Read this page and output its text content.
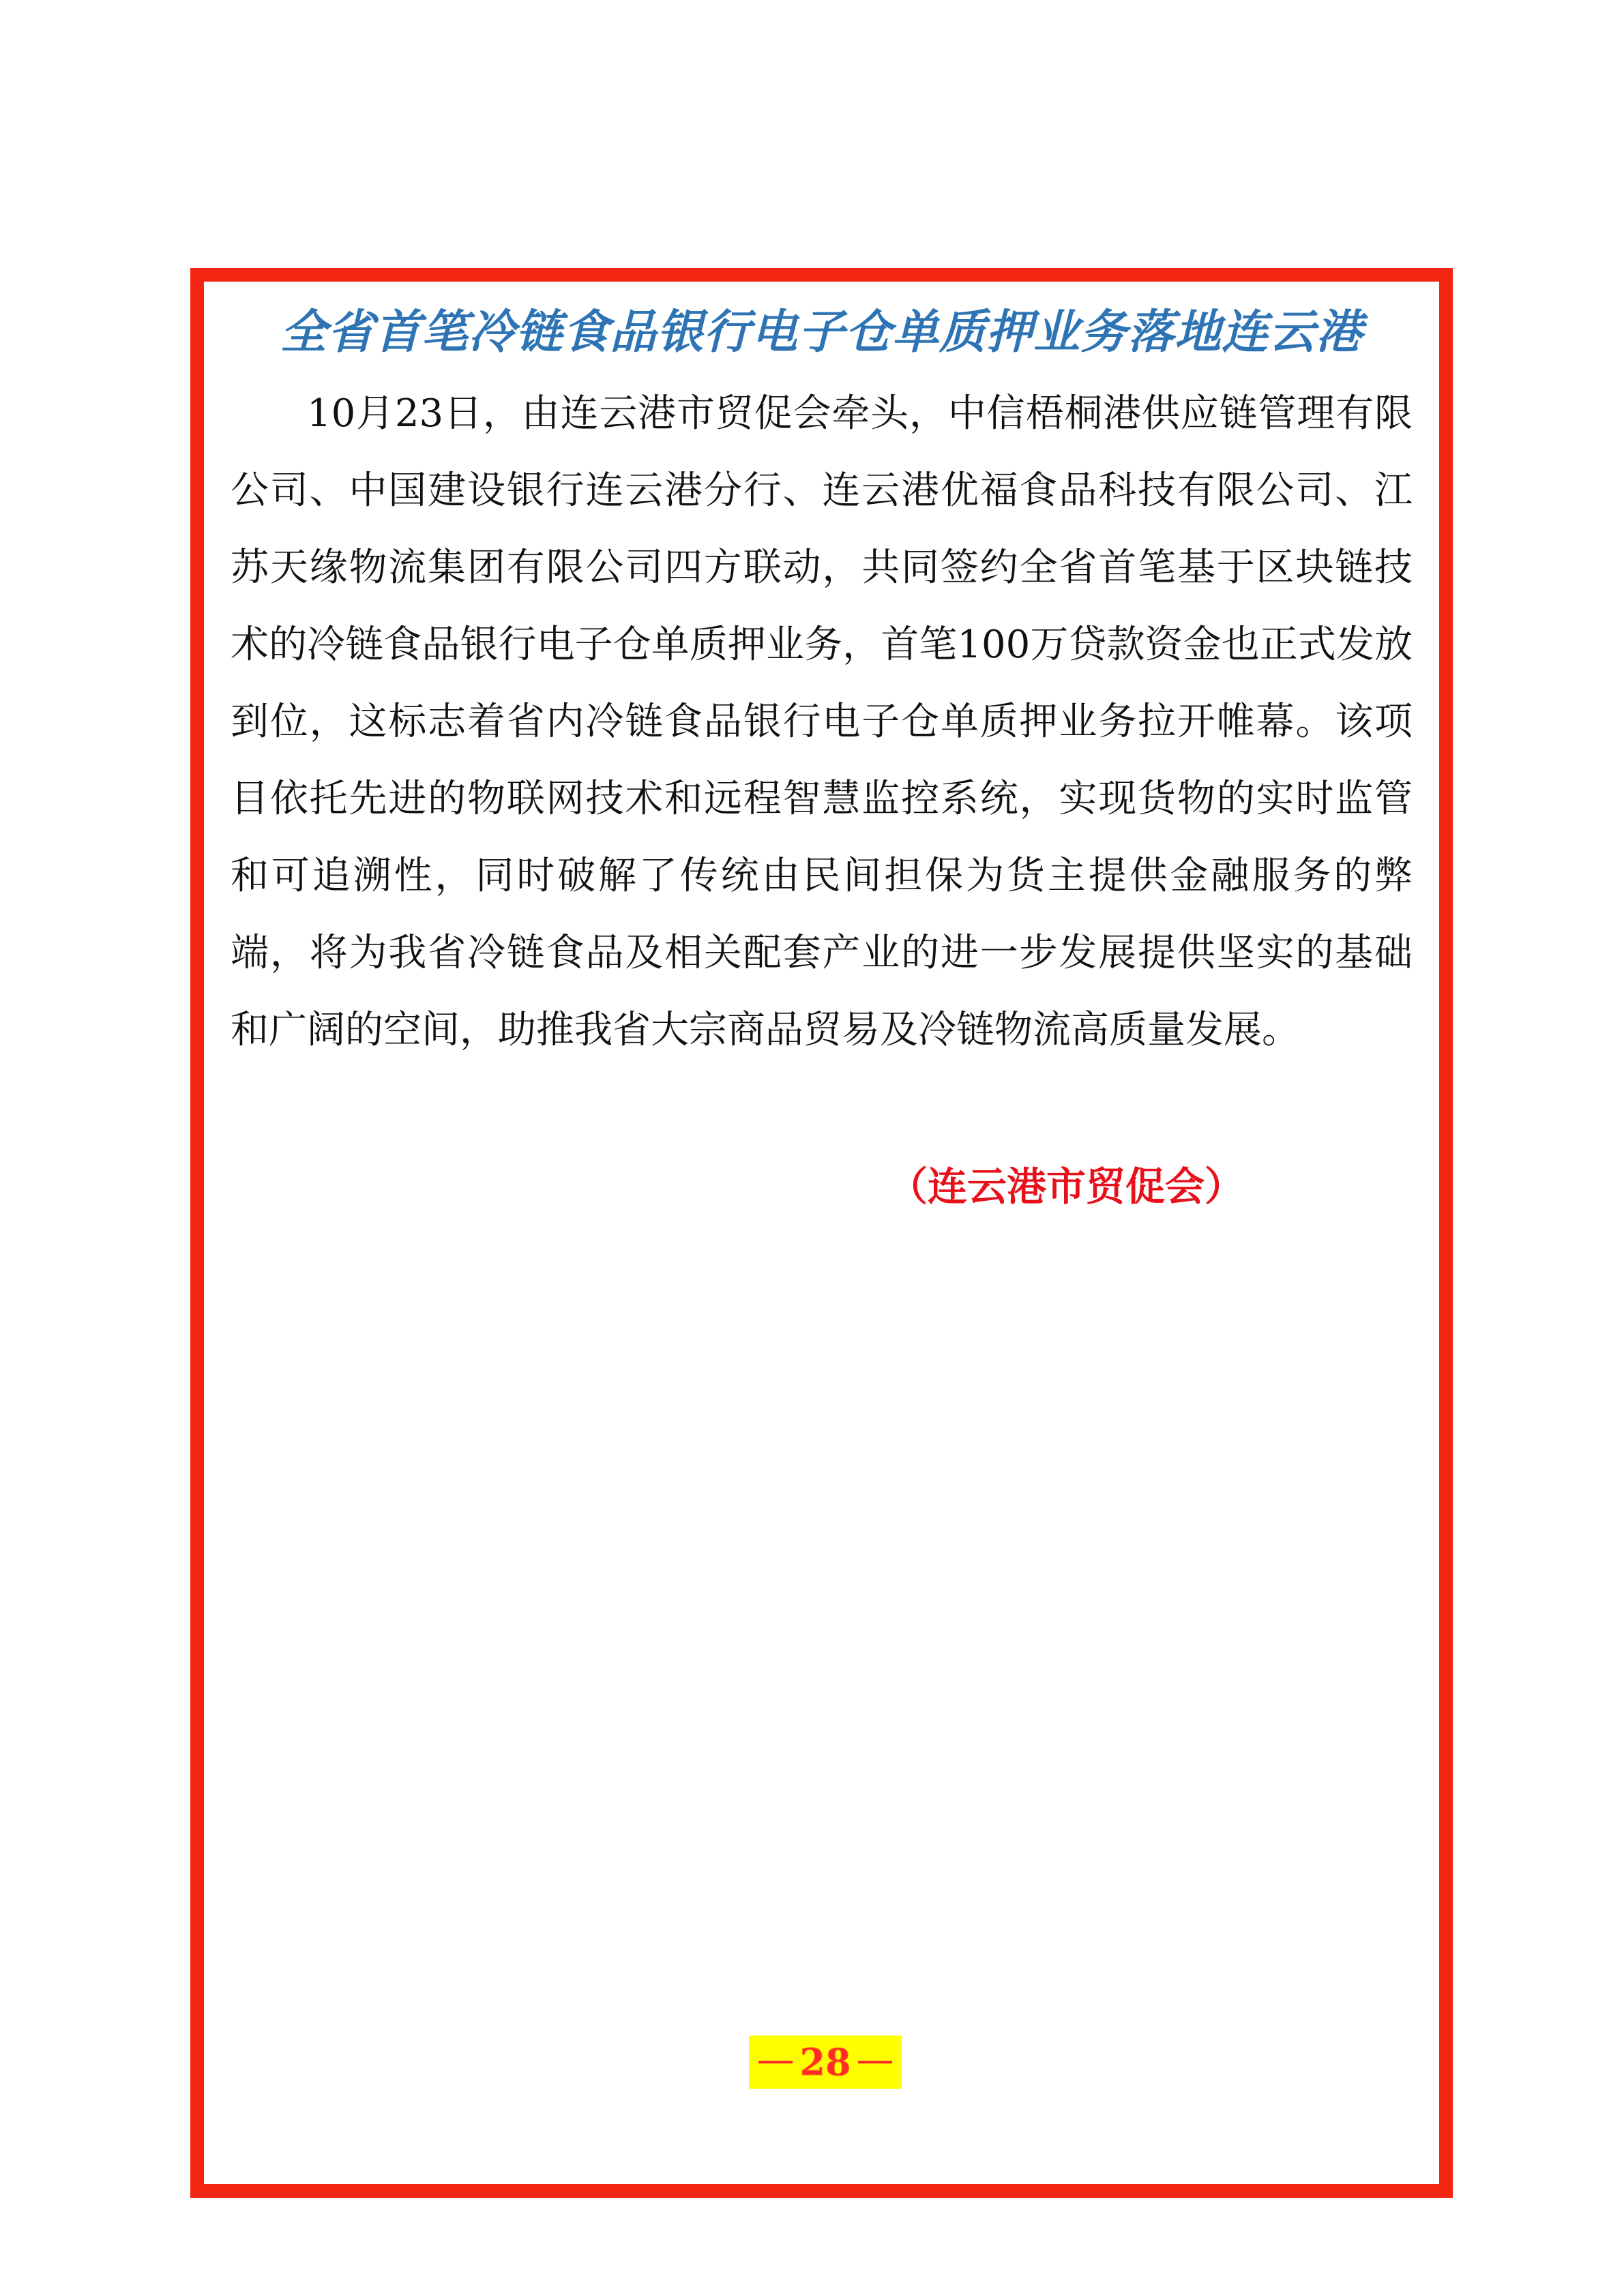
全省首笔冷链食品银行电子仓单质押业务落地连云港

10月23日，由连云港市贸促会牵头，中信梧桐港供应链管理有限公司、中国建设银行连云港分行、连云港优福食品科技有限公司、江苏天缘物流集团有限公司四方联动，共同签约全省首笔基于区块链技术的冷链食品银行电子仓单质押业务，首笔100万贷款资金也正式发放到位，这标志着省内冷链食品银行电子仓单质押业务拉开帷幕。该项目依托先进的物联网技术和远程智慧监控系统，实现货物的实时监管和可追溯性，同时破解了传统由民间担保为货主提供金融服务的弊端，将为我省冷链食品及相关配套产业的进一步发展提供坚实的基础和广阔的空间，助推我省大宗商品贸易及冷链物流高质量发展。

（连云港市贸促会）
28
